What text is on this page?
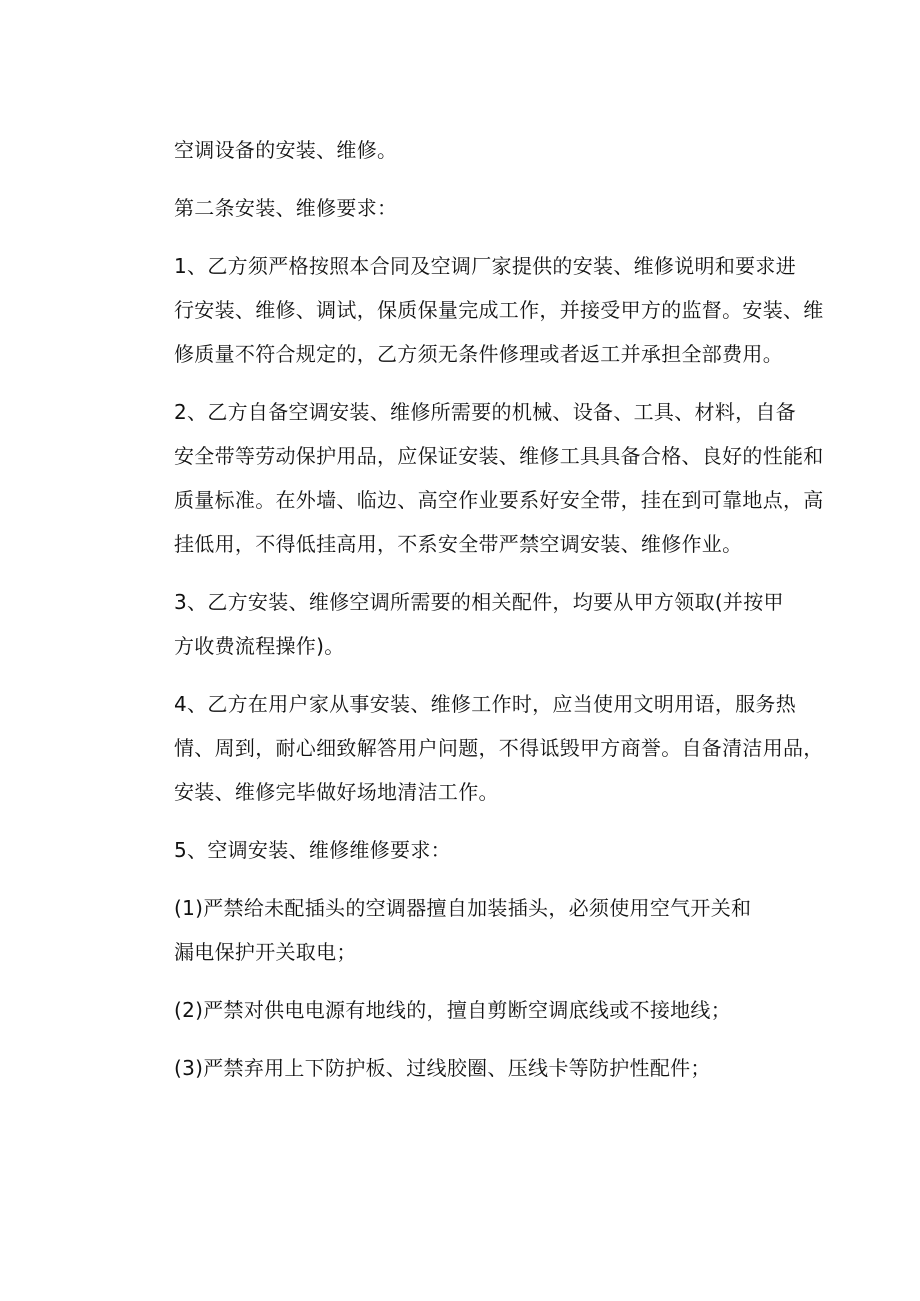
空调设备的安装、维修。

第二条安装、维修要求：

1、乙方须严格按照本合同及空调厂家提供的安装、维修说明和要求进
行安装、维修、调试，保质保量完成工作，并接受甲方的监督。安装、维
修质量不符合规定的，乙方须无条件修理或者返工并承担全部费用。

2、乙方自备空调安装、维修所需要的机械、设备、工具、材料，自备
安全带等劳动保护用品，应保证安装、维修工具具备合格、良好的性能和
质量标准。在外墙、临边、高空作业要系好安全带，挂在到可靠地点，高
挂低用，不得低挂高用，不系安全带严禁空调安装、维修作业。

3、乙方安装、维修空调所需要的相关配件，均要从甲方领取(并按甲
方收费流程操作)。

4、乙方在用户家从事安装、维修工作时，应当使用文明用语，服务热
情、周到，耐心细致解答用户问题，不得诋毁甲方商誉。自备清洁用品，
安装、维修完毕做好场地清洁工作。

5、空调安装、维修维修要求：

(1)严禁给未配插头的空调器擅自加装插头，必须使用空气开关和
漏电保护开关取电；

(2)严禁对供电电源有地线的，擅自剪断空调底线或不接地线；

(3)严禁弃用上下防护板、过线胶圈、压线卡等防护性配件；
